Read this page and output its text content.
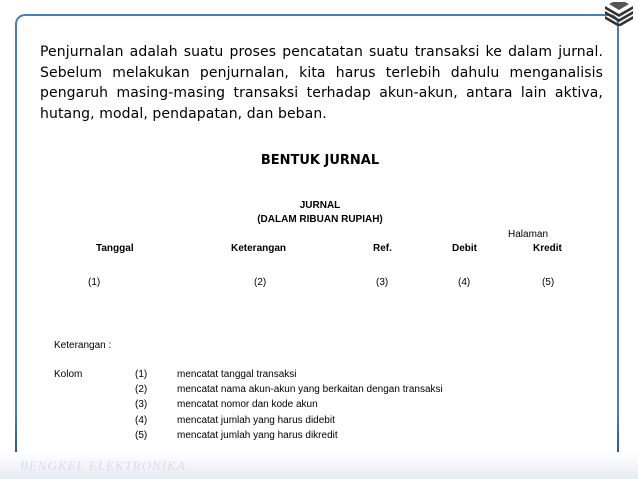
Penjurnalan adalah suatu proses pencatatan suatu transaksi ke dalam jurnal. Sebelum melakukan penjurnalan, kita harus terlebih dahulu menganalisis pengaruh masing-masing transaksi terhadap akun-akun, antara lain aktiva, hutang, modal, pendapatan, dan beban.
BENTUK JURNAL
JURNAL
(DALAM RIBUAN RUPIAH)
Halaman
Tanggal	Keterangan	Ref.	Debit	Kredit
(1)	(2)	(3)	(4)	(5)
Keterangan :
Kolom	(1)	mencatat tanggal transaksi
(2)	mencatat nama akun-akun yang berkaitan dengan transaksi
(3)	mencatat nomor dan kode akun
(4)	mencatat jumlah yang harus didebit
(5)	mencatat jumlah yang harus dikredit
BENGKEL ELEKTRONIKA
